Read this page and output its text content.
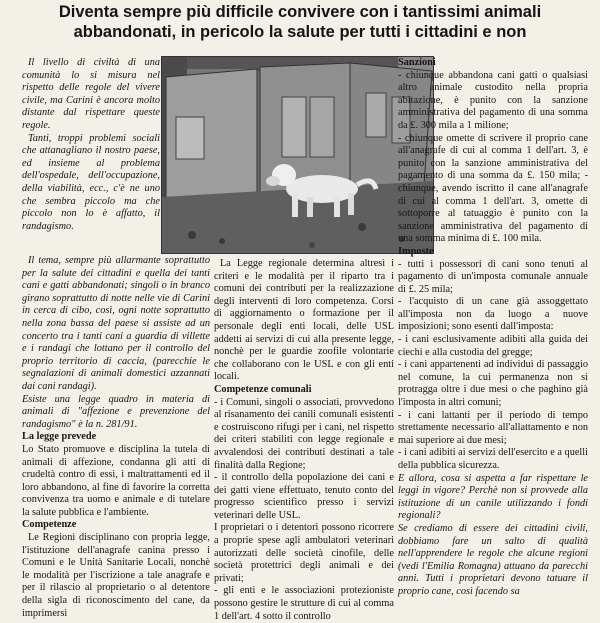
Diventa sempre più difficile convivere con i tantissimi animali abbandonati, in pericolo la salute per tutti i cittadini e non

Il livello di civiltà di una comunità lo si misura nel rispetto delle regole del vivere civile, ma Carini è ancora molto distante dal rispettare queste regole.

Tanti, troppi problemi sociali che attanagliano il nostro paese, ed insieme al problema dell'ospedale, dell'occupazione, della viabilità, ecc., c'è ne uno che sembra piccolo ma che piccolo non lo è affatto, il randagismo.

Il tema, sempre più allarmante soprattutto per la salute dei cittadini e quella dei tanti cani e gatti abbandonati; singoli o in branco girano soprattutto di notte nelle vie di Carini in cerca di cibo, così, ogni notte soprattutto nella zona bassa del paese si assiste ad un concerto tra i tanti cani a guardia di villette e i randagi che lottano per il controllo del proprio territorio di caccia, (parecchie le segnalazioni di animali domestici azzannati dai cani randagi).

Esiste una legge quadro in materia di animali di "affezione e prevenzione del randagismo" è la n. 281/91.

La legge prevede

Lo Stato promuove e disciplina la tutela di animali di affezione, condanna gli atti di crudeltà contro di essi, i maltrattamenti ed il loro abbandono, al fine di favorire la corretta convivenza tra uomo e animale e di tutelare la salute pubblica e l'ambiente.

Competenze

Le Regioni disciplinano con propria legge, l'istituzione dell'anagrafe canina presso i Comuni e le Unità Sanitarie Locali, nonchè le modalità per l'iscrizione a tale anagrafe e per il rilascio al proprietario o al detentore della sigla di riconoscimento del cane, da imprimersi

La Legge regionale determina altresì i criteri e le modalità per il riparto tra i comuni dei contributi per la realizzazione degli interventi di loro competenza. Corsi di aggiornamento o formazione per il personale degli enti locali, delle USL addetti ai servizi di cui alla presente legge, nonchè per le guardie zoofile volontarie che collaborano con le USL e con gli enti locali.

Competenze comunali

- i Comuni, singoli o associati, provvedono al risanamento dei canili comunali esistenti e costruiscono rifugi per i cani, nel rispetto dei criteri stabiliti con legge regionale e avvalendosi dei contributi destinati a tale finalità dalla Regione;

- il controllo della popolazione dei cani e dei gatti viene effettuato, tenuto conto del progresso scientifico presso i servizi veterinari delle USL.

I proprietari o i detentori possono ricorrere a proprie spese agli ambulatori veterinari autorizzati delle società cinofile, delle società protettrici degli animali e dei privati;

- gli enti e le associazioni protezioniste possono gestire le strutture di cui al comma 1 dell'art. 4 sotto il controllo

Sanzioni

- chiunque abbandona cani gatti o qualsiasi altro animale custodito nella propria abitazione, è punito con la sanzione amministrativa del pagamento di una somma da £. 300 mila a 1 milione;

- chiunque omette di scrivere il proprio cane all'anagrafe di cui al comma 1 dell'art. 3, è punito con la sanzione amministrativa del pagamento di una somma da £. 150 mila; - chiunque, avendo iscritto il cane all'anagrafe di cui al comma 1 dell'art. 3, omette di sottoporre al tatuaggio è punito con la sanzione amministrativa del pagamento di una somma minima di £. 100 mila.

Imposte

- tutti i possessori di cani sono tenuti al pagamento di un'imposta comunale annuale di £. 25 mila;

- l'acquisto di un cane già assoggettato all'imposta non da luogo a nuove imposizioni; sono esenti dall'imposta:

- i cani esclusivamente adibiti alla guida dei ciechi e alla custodia del gregge;

- i cani appartenenti ad individui di passaggio nel comune, la cui permanenza non si protragga oltre i due mesi o che paghino già l'imposta in altri comuni;

- i cani lattanti per il periodo di tempo strettamente necessario all'allattamento e non mai superiore ai due mesi;

- i cani adibiti ai servizi dell'esercito e a quelli della pubblica sicurezza.

E allora, cosa si aspetta a far rispettare le leggi in vigore? Perchè non si provvede alla istituzione di un canile utilizzando i fondi regionali?

Se crediamo di essere dei cittadini civili, dobbiamo fare un salto di qualità nell'apprendere le regole che alcune regioni (vedi l'Emilia Romagna) attuano da parecchi anni. Tutti i proprietari devono tatuare il proprio cane, così facendo sa
